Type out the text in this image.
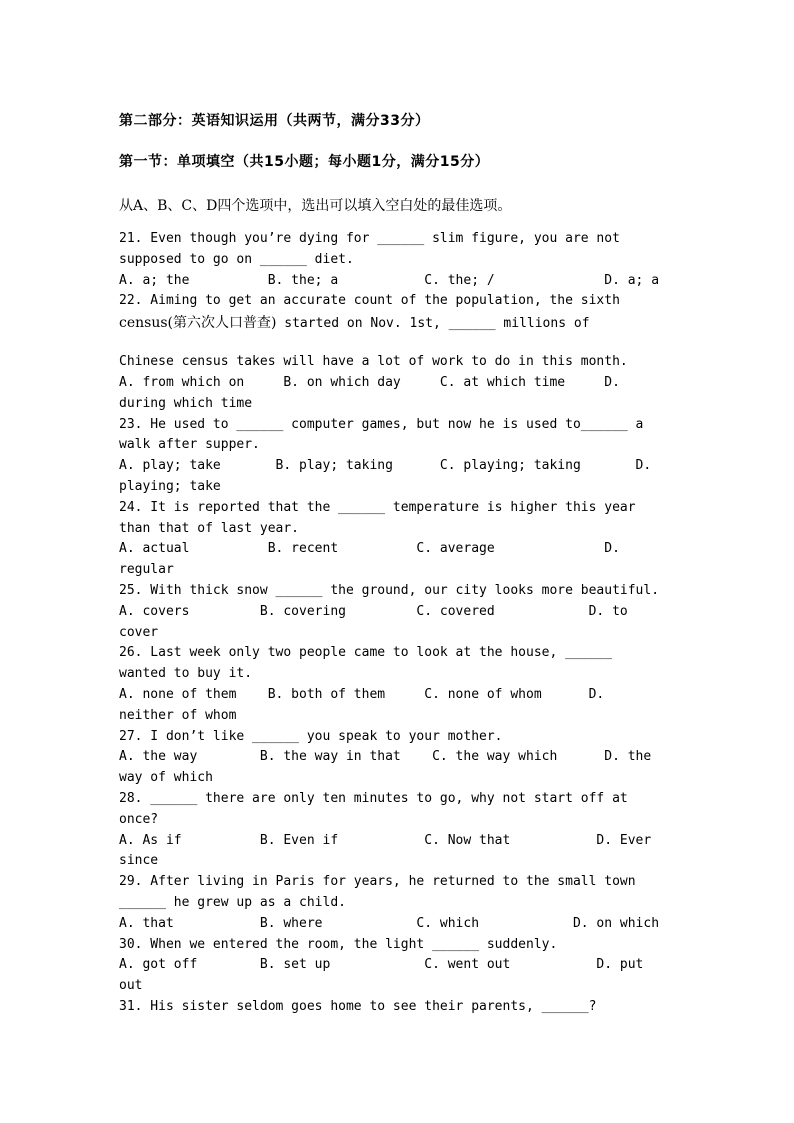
第二部分：英语知识运用（共两节，满分33分）

第一节：单项填空（共15小题；每小题1分，满分15分）

从A、B、C、D四个选项中，选出可以填入空白处的最佳选项。

21. Even though you’re dying for ______ slim figure, you are not
supposed to go on ______ diet.
A. a; the          B. the; a           C. the; /              D. a; a
22. Aiming to get an accurate count of the population, the sixth
census(第六次人口普查) started on Nov. 1st, ______ millions of
Chinese census takes will have a lot of work to do in this month.
A. from which on     B. on which day     C. at which time     D.
during which time
23. He used to ______ computer games, but now he is used to______ a
walk after supper.
A. play; take       B. play; taking      C. playing; taking       D.
playing; take
24. It is reported that the ______ temperature is higher this year
than that of last year.
A. actual          B. recent          C. average              D.
regular
25. With thick snow ______ the ground, our city looks more beautiful.
A. covers         B. covering         C. covered            D. to
cover
26. Last week only two people came to look at the house, ______
wanted to buy it.
A. none of them    B. both of them     C. none of whom      D.
neither of whom
27. I don’t like ______ you speak to your mother.
A. the way        B. the way in that    C. the way which      D. the
way of which
28. ______ there are only ten minutes to go, why not start off at
once?
A. As if          B. Even if           C. Now that           D. Ever
since
29. After living in Paris for years, he returned to the small town
______ he grew up as a child.
A. that           B. where            C. which            D. on which
30. When we entered the room, the light ______ suddenly.
A. got off        B. set up            C. went out           D. put
out
31. His sister seldom goes home to see their parents, ______?
